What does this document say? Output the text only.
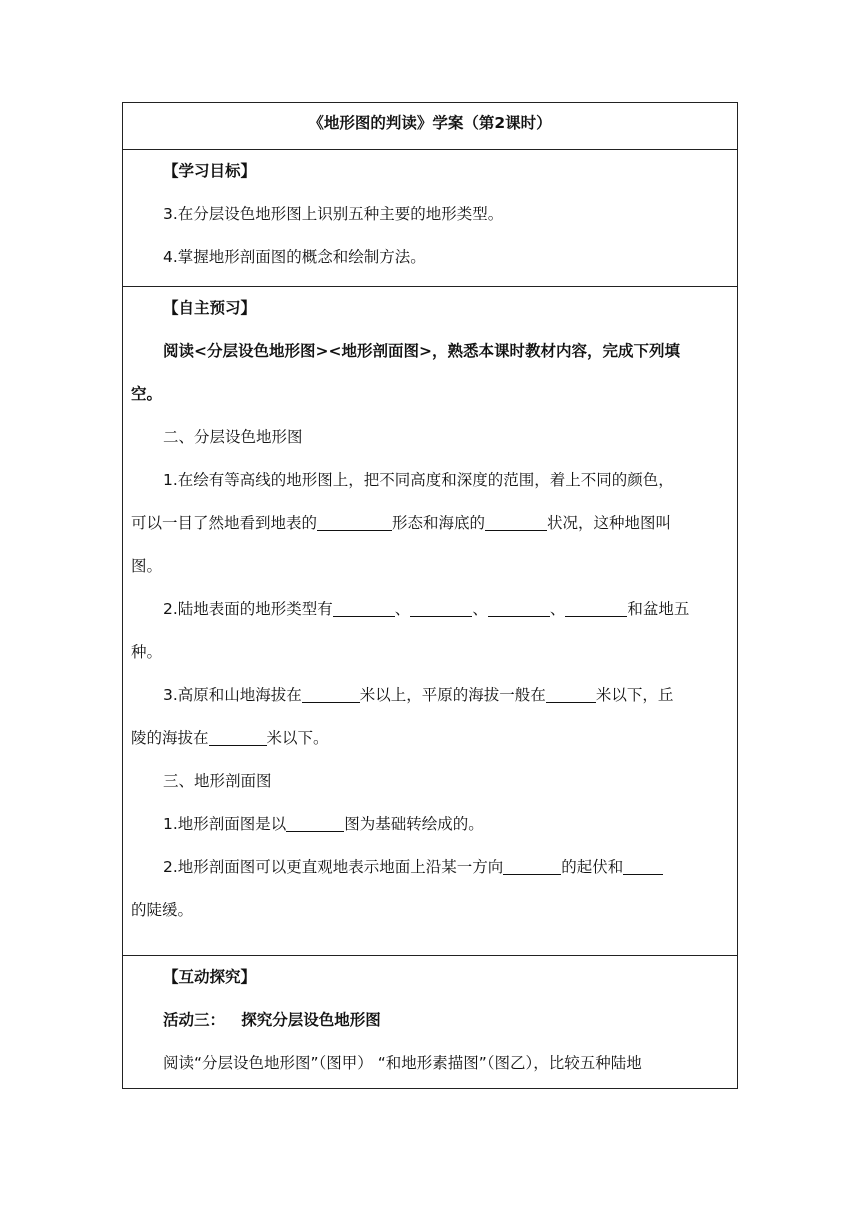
《地形图的判读》学案（第2课时）

【学习目标】
3.在分层设色地形图上识别五种主要的地形类型。
4.掌握地形剖面图的概念和绘制方法。

【自主预习】
阅读<分层设色地形图><地形剖面图>，熟悉本课时教材内容，完成下列填
空。
二、分层设色地形图
1.在绘有等高线的地形图上，把不同高度和深度的范围，着上不同的颜色，
可以一目了然地看到地表的	形态和海底的	状况，这种地图叫
图。
2.陆地表面的地形类型有	、	、	、	和盆地五
种。
3.高原和山地海拔在	米以上，平原的海拔一般在	米以下，丘
陵的海拔在	米以下。
三、地形剖面图
1.地形剖面图是以	图为基础转绘成的。
2.地形剖面图可以更直观地表示地面上沿某一方向	的起伏和
的陡缓。

【互动探究】
活动三：   探究分层设色地形图
阅读“分层设色地形图”（图甲） “和地形素描图”（图乙），比较五种陆地
